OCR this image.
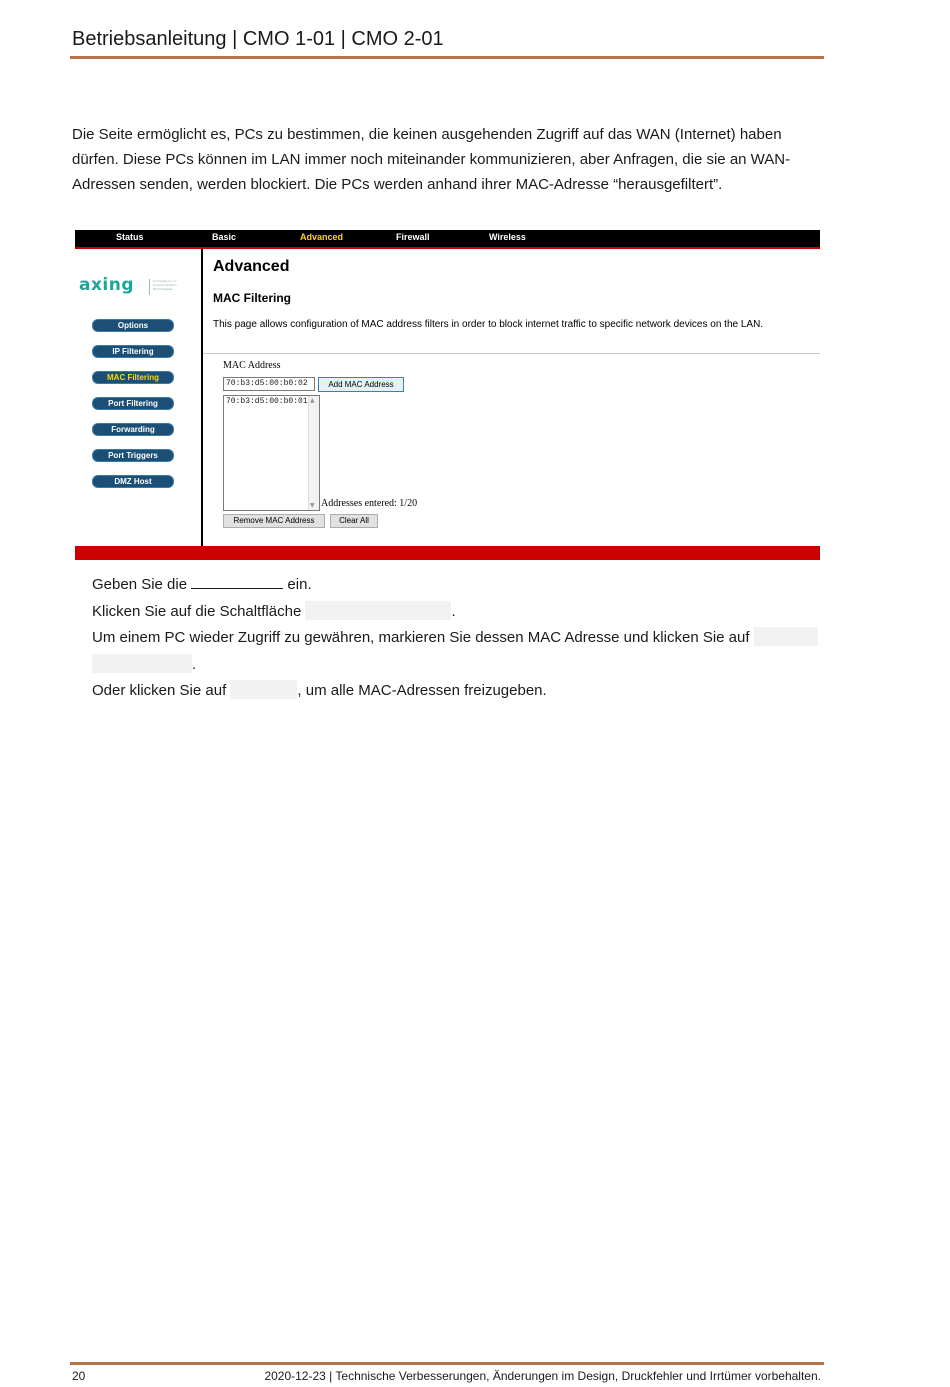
Betriebsanleitung | CMO 1-01 | CMO 2-01
Die Seite ermöglicht es, PCs zu bestimmen, die keinen ausgehenden Zugriff auf das WAN (Internet) haben
dürfen. Diese PCs können im LAN immer noch miteinander kommunizieren, aber Anfragen, die sie an WAN-
Adressen senden, werden blockiert. Die PCs werden anhand ihrer MAC-Adresse “herausgefiltert”.
Status	Basic	Advanced	Firewall	Wireless
axing	Competence in Communication Technologies
Options
IP Filtering
MAC Filtering
Port Filtering
Forwarding
Port Triggers
DMZ Host
Advanced
MAC Filtering
This page allows configuration of MAC address filters in order to block internet traffic to specific network devices on the LAN.
MAC Address
70:b3:d5:00:b0:02	Add MAC Address
70:b3:d5:00:b0:01 ▲
▼ Addresses entered: 1/20
Remove MAC Address	Clear All

Geben Sie die	ein.

Klicken Sie auf die Schaltfläche	.

Um einem PC wieder Zugriff zu gewähren, markieren Sie dessen MAC Adresse und klicken Sie auf
.

Oder klicken Sie auf	, um alle MAC-Adressen freizugeben.

20	2020-12-23 | Technische Verbesserungen, Änderungen im Design, Druckfehler und Irrtümer vorbehalten.
